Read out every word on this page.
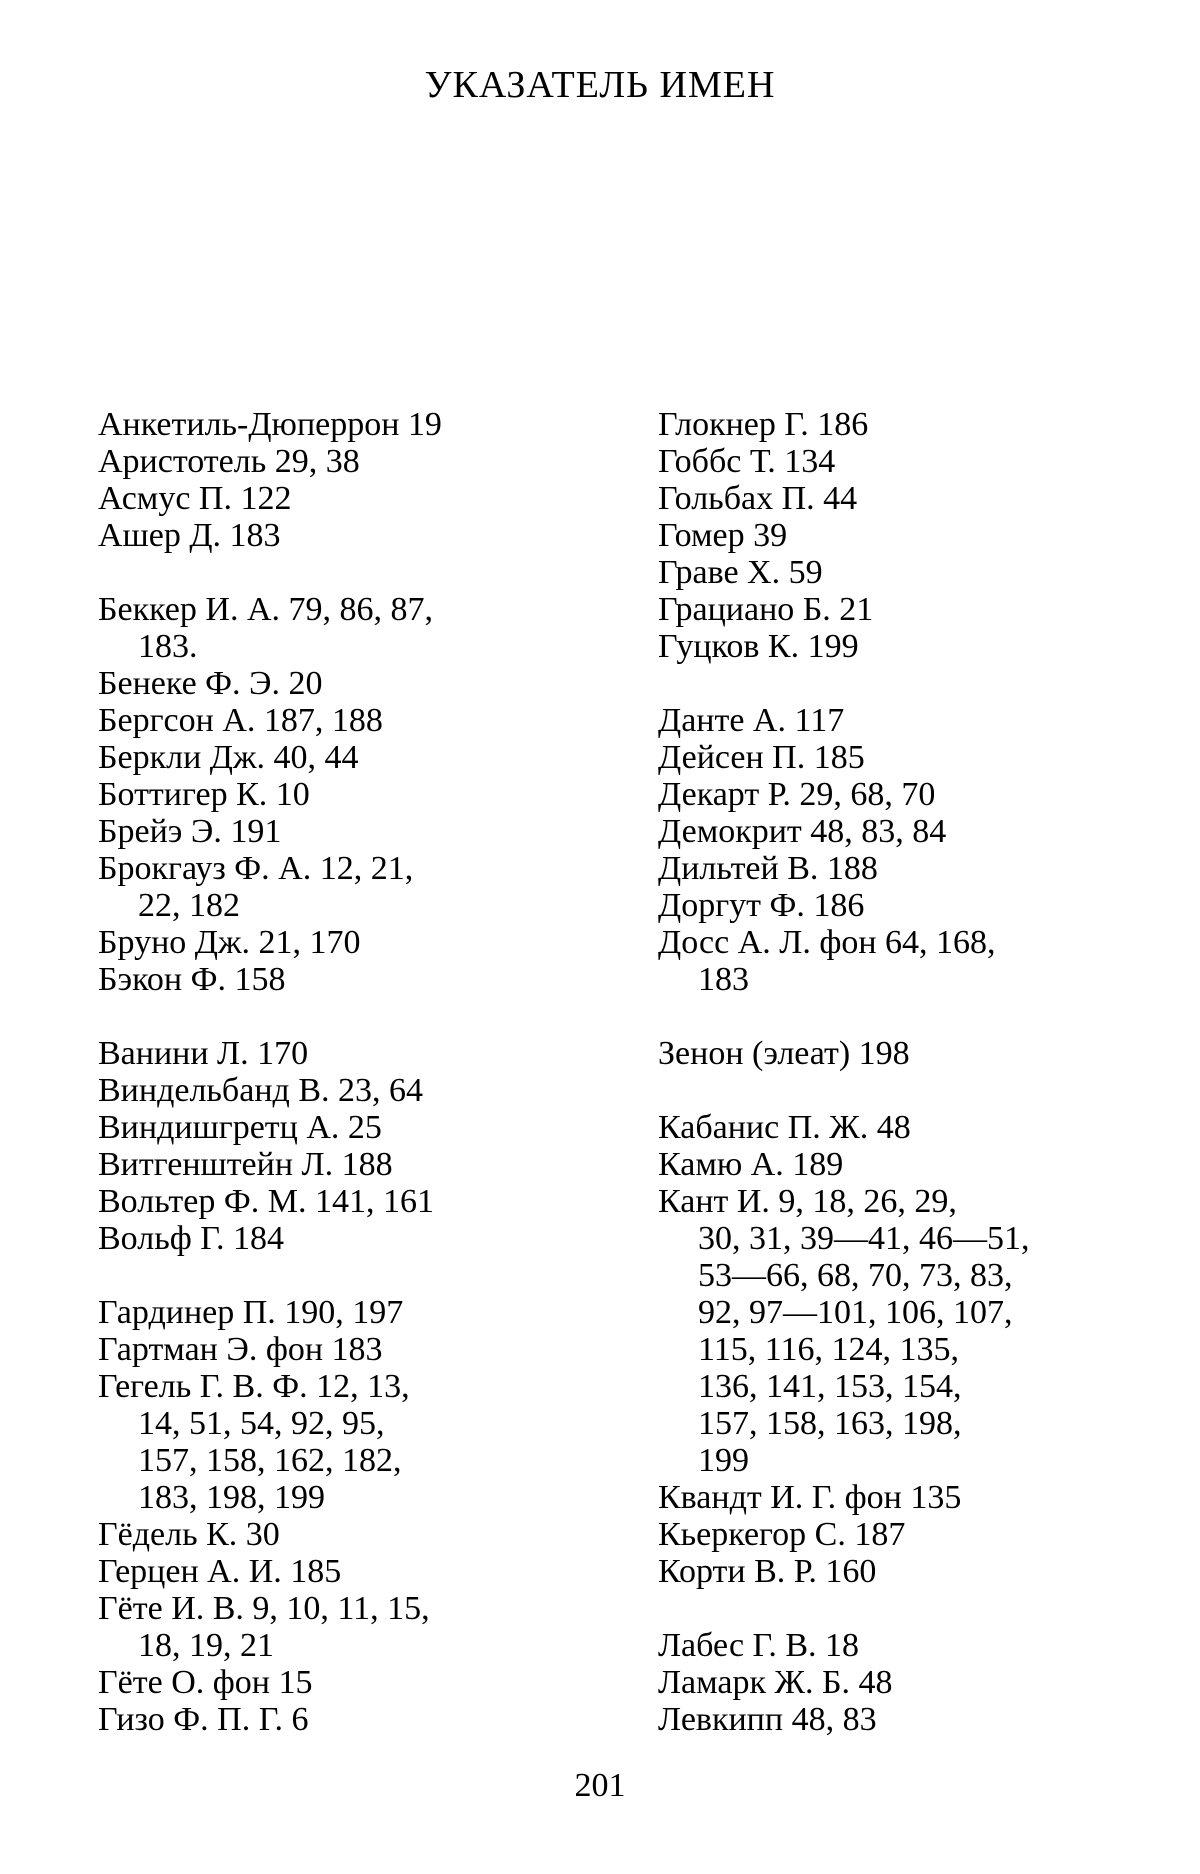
УКАЗАТЕЛЬ ИМЕН
Анкетиль-Дюперрон 19
Аристотель 29, 38
Асмус П. 122
Ашер Д. 183
Беккер И. А. 79, 86, 87,
183.
Бенеке Ф. Э. 20
Бергсон А. 187, 188
Беркли Дж. 40, 44
Боттигер К. 10
Брейэ Э. 191
Брокгауз Ф. А. 12, 21,
22, 182
Бруно Дж. 21, 170
Бэкон Ф. 158
Ванини Л. 170
Виндельбанд В. 23, 64
Виндишгретц А. 25
Витгенштейн Л. 188
Вольтер Ф. М. 141, 161
Вольф Г. 184
Гардинер П. 190, 197
Гартман Э. фон 183
Гегель Г. В. Ф. 12, 13,
14, 51, 54, 92, 95,
157, 158, 162, 182,
183, 198, 199
Гёдель К. 30
Герцен А. И. 185
Гёте И. В. 9, 10, 11, 15,
18, 19, 21
Гёте О. фон 15
Гизо Ф. П. Г. 6
Глокнер Г. 186
Гоббс Т. 134
Гольбах П. 44
Гомер 39
Граве Х. 59
Грациано Б. 21
Гуцков К. 199
Данте А. 117
Дейсен П. 185
Декарт Р. 29, 68, 70
Демокрит 48, 83, 84
Дильтей В. 188
Доргут Ф. 186
Досс А. Л. фон 64, 168,
183
Зенон (элеат) 198
Кабанис П. Ж. 48
Камю А. 189
Кант И. 9, 18, 26, 29,
30, 31, 39—41, 46—51,
53—66, 68, 70, 73, 83,
92, 97—101, 106, 107,
115, 116, 124, 135,
136, 141, 153, 154,
157, 158, 163, 198,
199
Квандт И. Г. фон 135
Кьеркегор С. 187
Корти В. Р. 160
Лабес Г. В. 18
Ламарк Ж. Б. 48
Левкипп 48, 83
201
